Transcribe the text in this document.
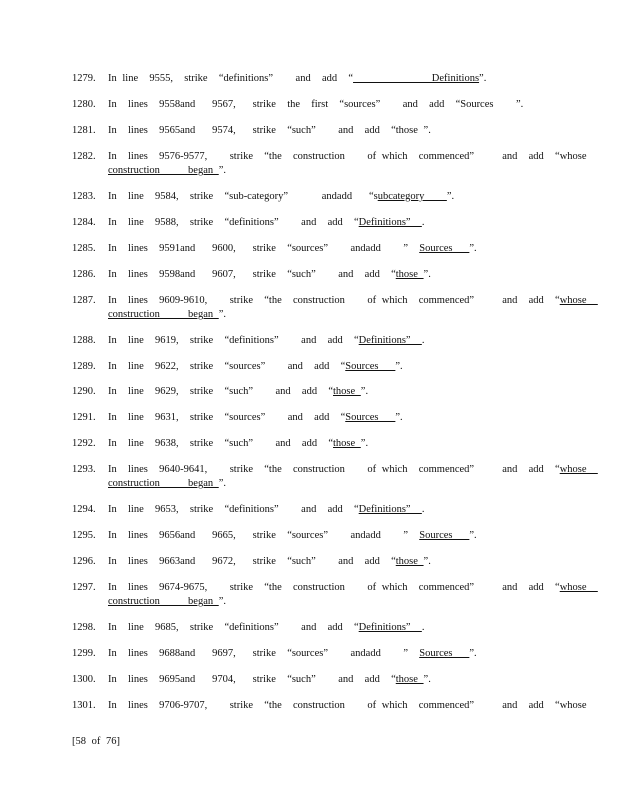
1279.	In line  9555,  strike  “definitions”    and  add  “              Definitions”.
1280.	In  lines  9558and   9567,   strike  the  first  “sources”    and  add  “Sources    ”.
1281.	In  lines  9565and   9574,   strike  “such”    and  add  “those ”.
1282.	In  lines  9576-9577,    strike  “the  construction    of which  commenced”     and  add  “whose
construction     began ”.
1283.	In  line  9584,  strike  “sub-category”      andadd   “subcategory    ”.
1284.	In  line  9588,  strike  “definitions”    and  add  “Definitions”  .
1285.	In  lines  9591and   9600,   strike  “sources”    andadd    ”  Sources   ”.
1286.	In  lines  9598and   9607,   strike  “such”    and  add  “those ”.
1287.	In  lines  9609-9610,    strike  “the  construction    of which  commenced”     and  add  “whose
construction     began ”.
1288.	In  line  9619,  strike  “definitions”    and  add  “Definitions”  .
1289.	In  line  9622,  strike  “sources”    and  add  “Sources   ”.
1290.	In  line  9629,  strike  “such”    and  add  “those ”.
1291.	In  line  9631,  strike  “sources”    and  add  “Sources   ”.
1292.	In  line  9638,  strike  “such”    and  add  “those ”.
1293.	In  lines  9640-9641,    strike  “the  construction    of which  commenced”     and  add  “whose
construction     began ”.
1294.	In  line  9653,  strike  “definitions”    and  add  “Definitions”  .
1295.	In  lines  9656and   9665,   strike  “sources”    andadd    ”  Sources   ”.
1296.	In  lines  9663and   9672,   strike  “such”    and  add  “those ”.
1297.	In  lines  9674-9675,    strike  “the  construction    of which  commenced”     and  add  “whose
construction     began ”.
1298.	In  line  9685,  strike  “definitions”    and  add  “Definitions”  .
1299.	In  lines  9688and   9697,   strike  “sources”    andadd    ”  Sources   ”.
1300.	In  lines  9695and   9704,   strike  “such”    and  add  “those ”.
1301.	In  lines  9706-9707,    strike  “the  construction    of which  commenced”     and  add  “whose
[58 of 76]
